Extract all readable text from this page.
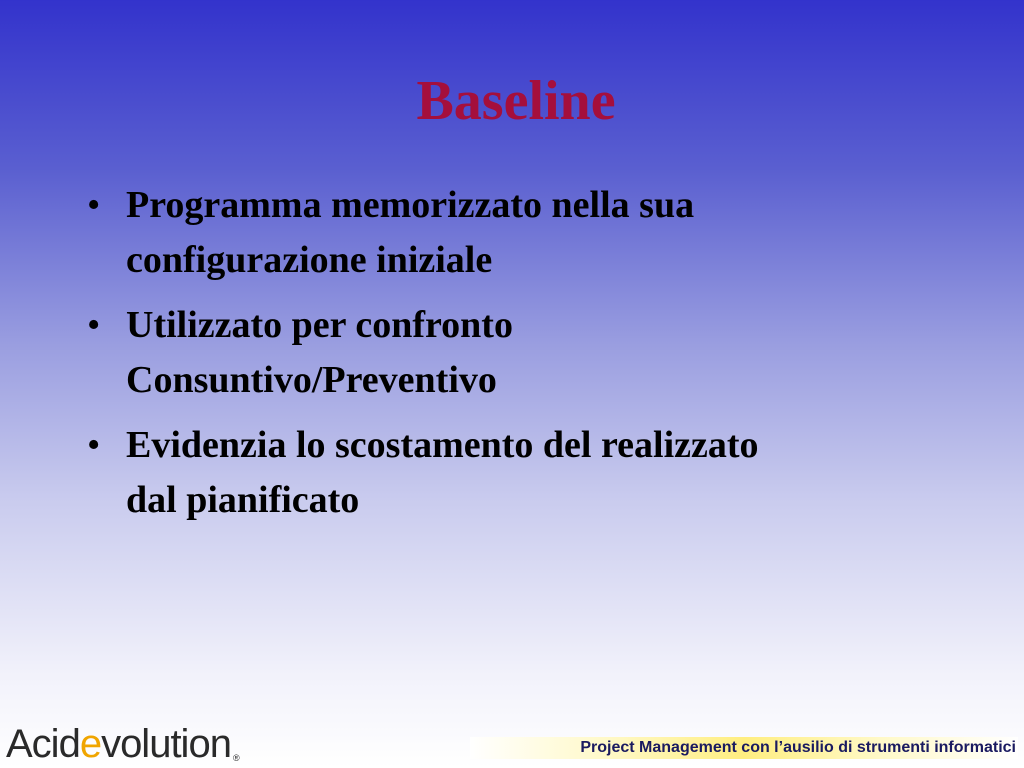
Baseline
• Programma memorizzato nella sua
configurazione iniziale
• Utilizzato per confronto
Consuntivo/Preventivo
• Evidenzia lo scostamento del realizzato
dal pianificato
Acidevolution ®
Project Management con l’ausilio di strumenti informatici
